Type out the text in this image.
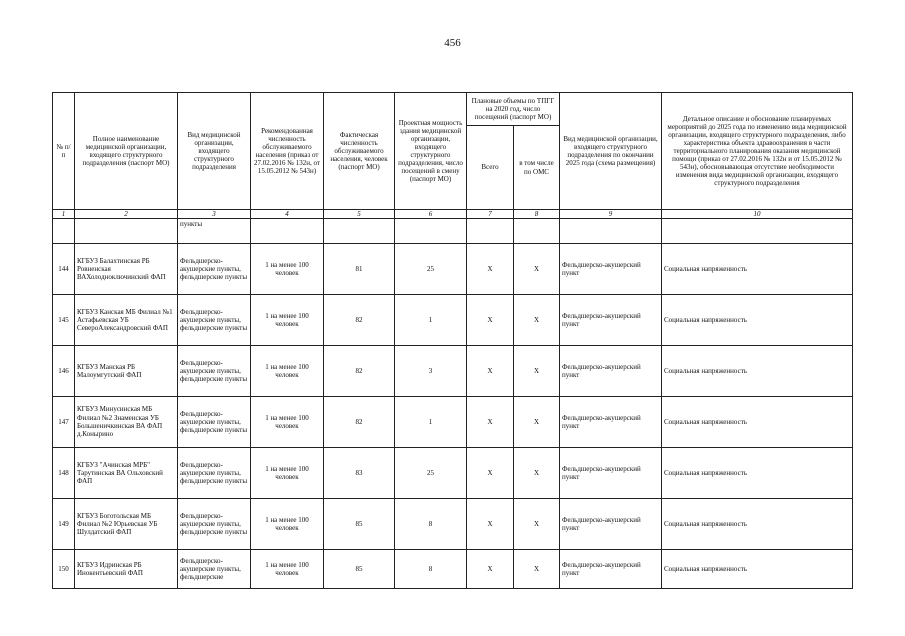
456
№ п/п	Полное наименование медицинской организации, входящего структурного подразделения (паспорт МО)	Вид медицинской организации, входящего структурного подразделения	Рекомендованная численность обслуживаемого населения (приказ от 27.02.2016 № 132н, от 15.05.2012 № 543н)	Фактическая численность обслуживаемого населения, человек (паспорт МО)	Проектная мощность здания медицинской организации, входящего структурного подразделения, число посещений в смену (паспорт МО)	Плановые объемы по ТПГГ на 2020 год, число посещений (паспорт МО)		Вид медицинской организации, входящего структурного подразделения по окончании 2025 года (схема размещения)	Детальное описание и обоснование планируемых мероприятий до 2025 года по изменению вида медицинской организации, входящего структурного подразделения, либо характеристика объекта здравоохранения в части территориального планирования оказания медицинской помощи (приказ от 27.02.2016 № 132н и от 15.05.2012 № 543н), обосновывающая отсутствие необходимости изменения вида медицинской организации, входящего структурного подразделения
						Всего	в том числе по ОМС		
1	2	3	4	5	6	7	8	9	10
		пункты							
144	КГБУЗ Балахтинская РБ Ровненская ВАХолодноключинский ФАП	Фельдшерско-акушерские пункты, фельдшерские пункты	1 на менее 100 человек	81	25	Х	Х	Фельдшерско-акушерский пункт	Социальная напряженность
145	КГБУЗ Канская МБ Филиал №1 Астафьевская УБ СевероАлександровский ФАП	Фельдшерско-акушерские пункты, фельдшерские пункты	1 на менее 100 человек	82	1	Х	Х	Фельдшерско-акушерский пункт	Социальная напряженность
146	КГБУЗ Манская РБ Малоумгутский ФАП	Фельдшерско-акушерские пункты, фельдшерские пункты	1 на менее 100 человек	82	3	Х	Х	Фельдшерско-акушерский пункт	Социальная напряженность
147	КГБУЗ Минусинская МБ Филиал №2 Знаменская УБ Большеничкинская ВА ФАП д.Конырино	Фельдшерско-акушерские пункты, фельдшерские пункты	1 на менее 100 человек	82	1	Х	Х	Фельдшерско-акушерский пункт	Социальная напряженность
148	КГБУЗ "Ачинская МРБ" Тарутинская ВА Ольховский ФАП	Фельдшерско-акушерские пункты, фельдшерские пункты	1 на менее 100 человек	83	25	Х	Х	Фельдшерско-акушерский пункт	Социальная напряженность
149	КГБУЗ Боготольская МБ Филиал №2 Юрьевская УБ Шулдатский ФАП	Фельдшерско-акушерские пункты, фельдшерские пункты	1 на менее 100 человек	85	8	Х	Х	Фельдшерско-акушерский пункт	Социальная напряженность
150	КГБУЗ Идринская РБ Инокентьевский ФАП	Фельдшерско-акушерские пункты, фельдшерские	1 на менее 100 человек	85	8	Х	Х	Фельдшерско-акушерский пункт	Социальная напряженность
